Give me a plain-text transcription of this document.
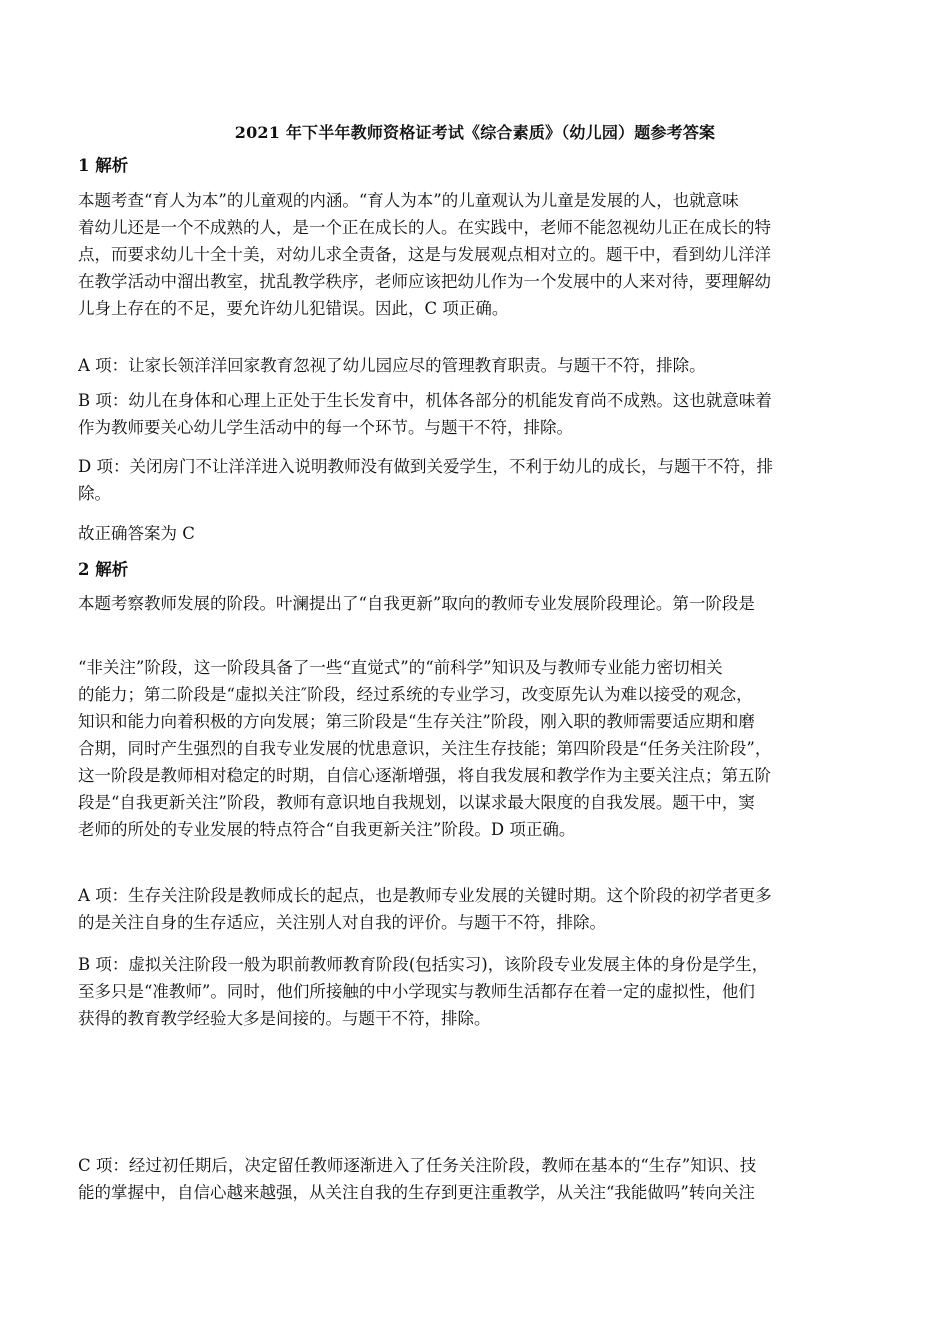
2021 年下半年教师资格证考试《综合素质》（幼儿园）题参考答案
1 解析
本题考查“育人为本”的儿童观的内涵。“育人为本”的儿童观认为儿童是发展的人，也就意味
着幼儿还是一个不成熟的人，是一个正在成长的人。在实践中，老师不能忽视幼儿正在成长的特
点，而要求幼儿十全十美，对幼儿求全责备，这是与发展观点相对立的。题干中，看到幼儿洋洋
在教学活动中溜出教室，扰乱教学秩序，老师应该把幼儿作为一个发展中的人来对待，要理解幼
儿身上存在的不足，要允许幼儿犯错误。因此，C 项正确。
A 项：让家长领洋洋回家教育忽视了幼儿园应尽的管理教育职责。与题干不符，排除。
B 项：幼儿在身体和心理上正处于生长发育中，机体各部分的机能发育尚不成熟。这也就意味着
作为教师要关心幼儿学生活动中的每一个环节。与题干不符，排除。
D 项：关闭房门不让洋洋进入说明教师没有做到关爱学生，不利于幼儿的成长，与题干不符，排
除。
故正确答案为 C
2 解析
本题考察教师发展的阶段。叶澜提出了“自我更新”取向的教师专业发展阶段理论。第一阶段是
“非关注”阶段，这一阶段具备了一些“直觉式”的“前科学”知识及与教师专业能力密切相关
的能力；第二阶段是“虚拟关注″阶段，经过系统的专业学习，改变原先认为难以接受的观念，
知识和能力向着积极的方向发展；第三阶段是“生存关注”阶段，刚入职的教师需要适应期和磨
合期，同时产生强烈的自我专业发展的忧患意识，关注生存技能；第四阶段是“任务关注阶段”，
这一阶段是教师相对稳定的时期，自信心逐渐增强，将自我发展和教学作为主要关注点；第五阶
段是“自我更新关注”阶段，教师有意识地自我规划，以谋求最大限度的自我发展。题干中，窦
老师的所处的专业发展的特点符合“自我更新关注”阶段。D 项正确。
A 项：生存关注阶段是教师成长的起点，也是教师专业发展的关键时期。这个阶段的初学者更多
的是关注自身的生存适应，关注别人对自我的评价。与题干不符，排除。
B 项：虚拟关注阶段一般为职前教师教育阶段(包括实习)，该阶段专业发展主体的身份是学生，
至多只是“准教师”。同时，他们所接触的中小学现实与教师生活都存在着一定的虚拟性，他们
获得的教育教学经验大多是间接的。与题干不符，排除。
C 项：经过初任期后，决定留任教师逐渐进入了任务关注阶段，教师在基本的“生存”知识、技
能的掌握中，自信心越来越强，从关注自我的生存到更注重教学，从关注“我能做吗”转向关注
